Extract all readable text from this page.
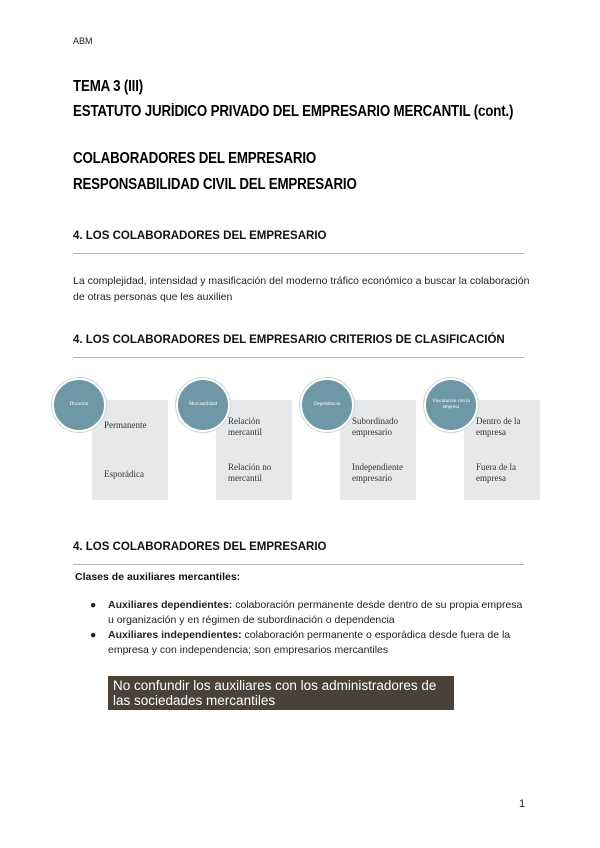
ABM
TEMA 3 (III)
ESTATUTO JURÍDICO PRIVADO DEL EMPRESARIO MERCANTIL (cont.)
COLABORADORES DEL EMPRESARIO
RESPONSABILIDAD CIVIL DEL EMPRESARIO
4. LOS COLABORADORES DEL EMPRESARIO
La complejidad, intensidad y masificación del moderno tráfico económico a buscar la colaboración de otras personas que les auxilien
4. LOS COLABORADORES DEL EMPRESARIO CRITERIOS DE CLASIFICACIÓN
Permanente
Esporádica
Duración
Relación mercantil
Relación no mercantil
Mercantilidad
Subordinado empresario
Independiente empresario
Dependencia
Dentro de la empresa
Fuera de la empresa
Vinculación con la empresa
4. LOS COLABORADORES DEL EMPRESARIO
Clases de auxiliares mercantiles:
● Auxiliares dependientes: colaboración permanente desde dentro de su propia empresa u organización y en régimen de subordinación o dependencia
● Auxiliares independientes: colaboración permanente o esporádica desde fuera de la empresa y con independencia; son empresarios mercantiles
No confundir los auxiliares con los administradores de las sociedades mercantiles
1
